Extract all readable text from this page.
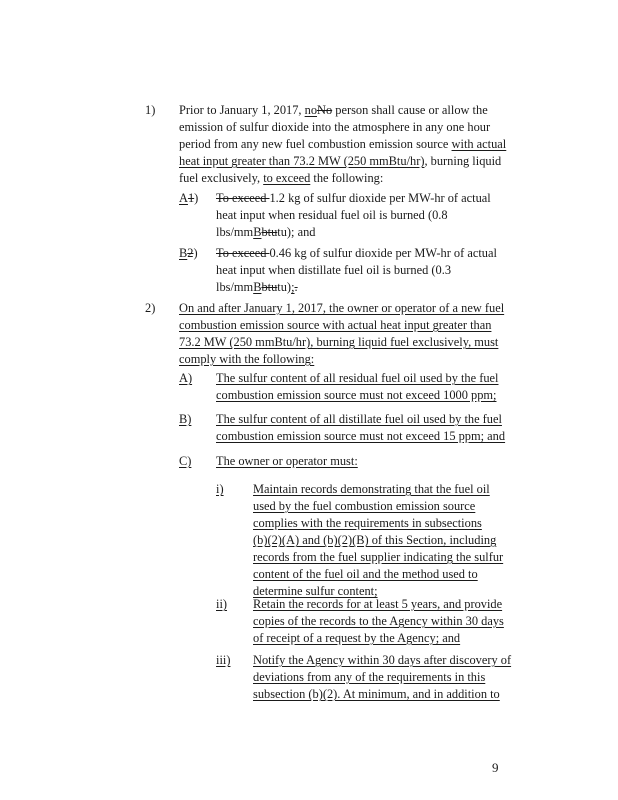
1) Prior to January 1, 2017, noNo person shall cause or allow the
emission of sulfur dioxide into the atmosphere in any one hour
period from any new fuel combustion emission source with actual
heat input greater than 73.2 MW (250 mmBtu/hr), burning liquid
fuel exclusively, to exceed the following:
A1) To exceed 1.2 kg of sulfur dioxide per MW-hr of actual
heat input when residual fuel oil is burned (0.8
lbs/mmBbtutu); and
B2) To exceed 0.46 kg of sulfur dioxide per MW-hr of actual
heat input when distillate fuel oil is burned (0.3
lbs/mmBbtutu);.
2) On and after January 1, 2017, the owner or operator of a new fuel
combustion emission source with actual heat input greater than
73.2 MW (250 mmBtu/hr), burning liquid fuel exclusively, must
comply with the following:
A) The sulfur content of all residual fuel oil used by the fuel
combustion emission source must not exceed 1000 ppm;
B) The sulfur content of all distillate fuel oil used by the fuel
combustion emission source must not exceed 15 ppm; and
C) The owner or operator must:
i) Maintain records demonstrating that the fuel oil
used by the fuel combustion emission source
complies with the requirements in subsections
(b)(2)(A) and (b)(2)(B) of this Section, including
records from the fuel supplier indicating the sulfur
content of the fuel oil and the method used to
determine sulfur content;
ii) Retain the records for at least 5 years, and provide
copies of the records to the Agency within 30 days
of receipt of a request by the Agency; and
iii) Notify the Agency within 30 days after discovery of
deviations from any of the requirements in this
subsection (b)(2). At minimum, and in addition to
9
